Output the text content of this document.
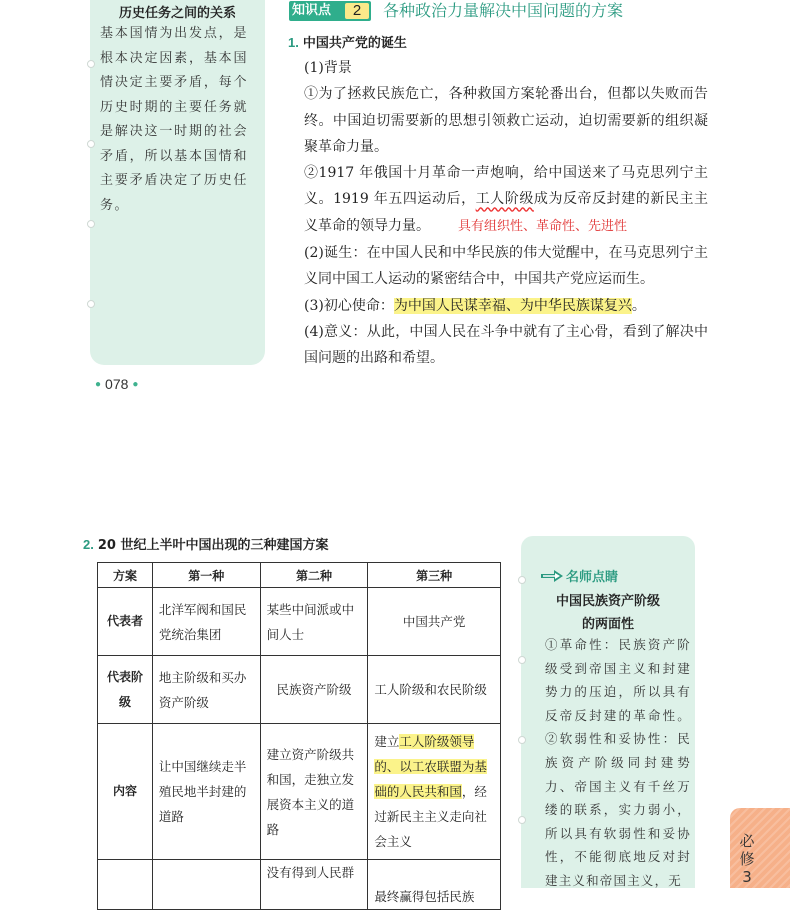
历史任务之间的关系
基本国情为出发点，是根本决定因素，基本国情决定主要矛盾，每个历史时期的主要任务就是解决这一时期的社会矛盾，所以基本国情和主要矛盾决定了历史任务。
● 078 ●
知识点	2	各种政治力量解决中国问题的方案
1. 中国共产党的诞生

(1)背景

①为了拯救民族危亡，各种救国方案轮番出台，但都以失败而告终。中国迫切需要新的思想引领救亡运动，迫切需要新的组织凝聚革命力量。

②1917 年俄国十月革命一声炮响，给中国送来了马克思列宁主义。1919 年五四运动后，工人阶级成为反帝反封建的新民主主义革命的领导力量。 具有组织性、革命性、先进性

(2)诞生：在中国人民和中华民族的伟大觉醒中，在马克思列宁主义同中国工人运动的紧密结合中，中国共产党应运而生。

(3)初心使命：为中国人民谋幸福、为中华民族谋复兴。

(4)意义：从此，中国人民在斗争中就有了主心骨，看到了解决中国问题的出路和希望。

2. 20 世纪上半叶中国出现的三种建国方案
方案	第一种	第二种	第三种
代表者	北洋军阀和国民党统治集团	某些中间派或中间人士	中国共产党
代表阶级	地主阶级和买办资产阶级	民族资产阶级	工人阶级和农民阶级
内容	让中国继续走半殖民地半封建的道路	建立资产阶级共和国，走独立发展资本主义的道路	建立工人阶级领导的、以工农联盟为基础的人民共和国，经过新民主主义走向社会主义
		没有得到人民群	最终赢得包括民族
名师点睛
中国民族资产阶级
的两面性
①革命性：民族资产阶级受到帝国主义和封建势力的压迫，所以具有反帝反封建的革命性。②软弱性和妥协性：民族资产阶级同封建势力、帝国主义有千丝万缕的联系，实力弱小，所以具有软弱性和妥协性，不能彻底地反对封建主义和帝国主义，无
必修3
